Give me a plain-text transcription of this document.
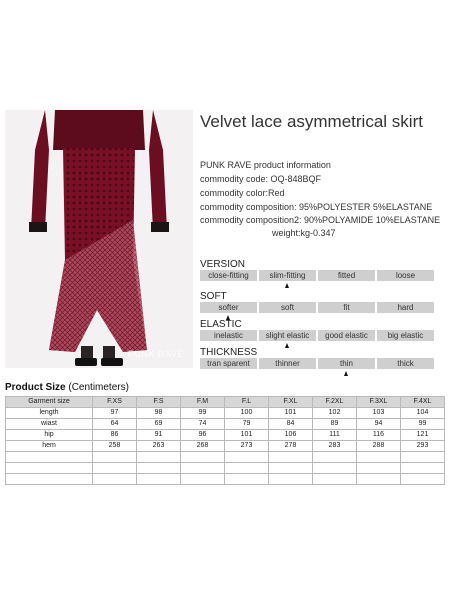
PUNK RAVE
Velvet lace asymmetrical skirt
PUNK RAVE product information
commodity code: OQ-848BQF
commodity color:Red
commodity composition: 95%POLYESTER 5%ELASTANE
commodity composition2: 90%POLYAMIDE 10%ELASTANE
weight:kg-0.347
VERSION
close-fitting	slim-fitting	fitted	loose
SOFT
softer	soft	fit	hard
ELASTIC
inelastic	slight elastic	good elastic	big elastic
THICKNESS
tran sparent	thinner	thin	thick
Product Size (Centimeters)
Garment size	F.XS	F.S	F.M	F.L	F.XL	F.2XL	F.3XL	F.4XL
length	97	98	99	100	101	102	103	104
wiast	64	69	74	79	84	89	94	99
hip	86	91	96	101	106	111	116	121
hem	258	263	268	273	278	283	288	293
